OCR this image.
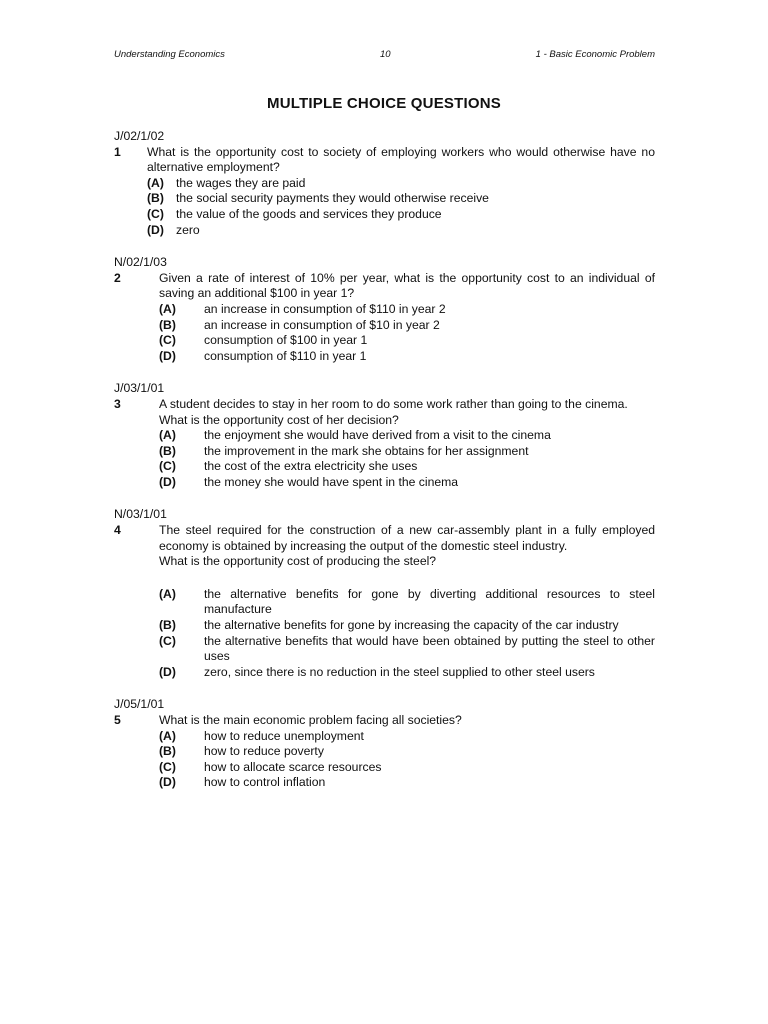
Understanding Economics	10	1 - Basic Economic Problem
MULTIPLE CHOICE QUESTIONS
J/02/1/02
1	What is the opportunity cost to society of employing workers who would otherwise have no alternative employment?
(A) the wages they are paid
(B) the social security payments they would otherwise receive
(C) the value of the goods and services they produce
(D) zero
N/02/1/03
2	Given a rate of interest of 10% per year, what is the opportunity cost to an individual of saving an additional $100 in year 1?
(A)	an increase in consumption of $110 in year 2
(B)	an increase in consumption of $10 in year 2
(C)	consumption of $100 in year 1
(D)	consumption of $110 in year 1
J/03/1/01
3	A student decides to stay in her room to do some work rather than going to the cinema.
What is the opportunity cost of her decision?
(A)	the enjoyment she would have derived from a visit to the cinema
(B)	the improvement in the mark she obtains for her assignment
(C)	the cost of the extra electricity she uses
(D)	the money she would have spent in the cinema
N/03/1/01
4	The steel required for the construction of a new car-assembly plant in a fully employed economy is obtained by increasing the output of the domestic steel industry.
What is the opportunity cost of producing the steel?
(A)	the alternative benefits for gone by diverting additional resources to steel manufacture
(B)	the alternative benefits for gone by increasing the capacity of the car industry
(C)	the alternative benefits that would have been obtained by putting the steel to other uses
(D)	zero, since there is no reduction in the steel supplied to other steel users
J/05/1/01
5	What is the main economic problem facing all societies?
(A)	how to reduce unemployment
(B)	how to reduce poverty
(C)	how to allocate scarce resources
(D)	how to control inflation
